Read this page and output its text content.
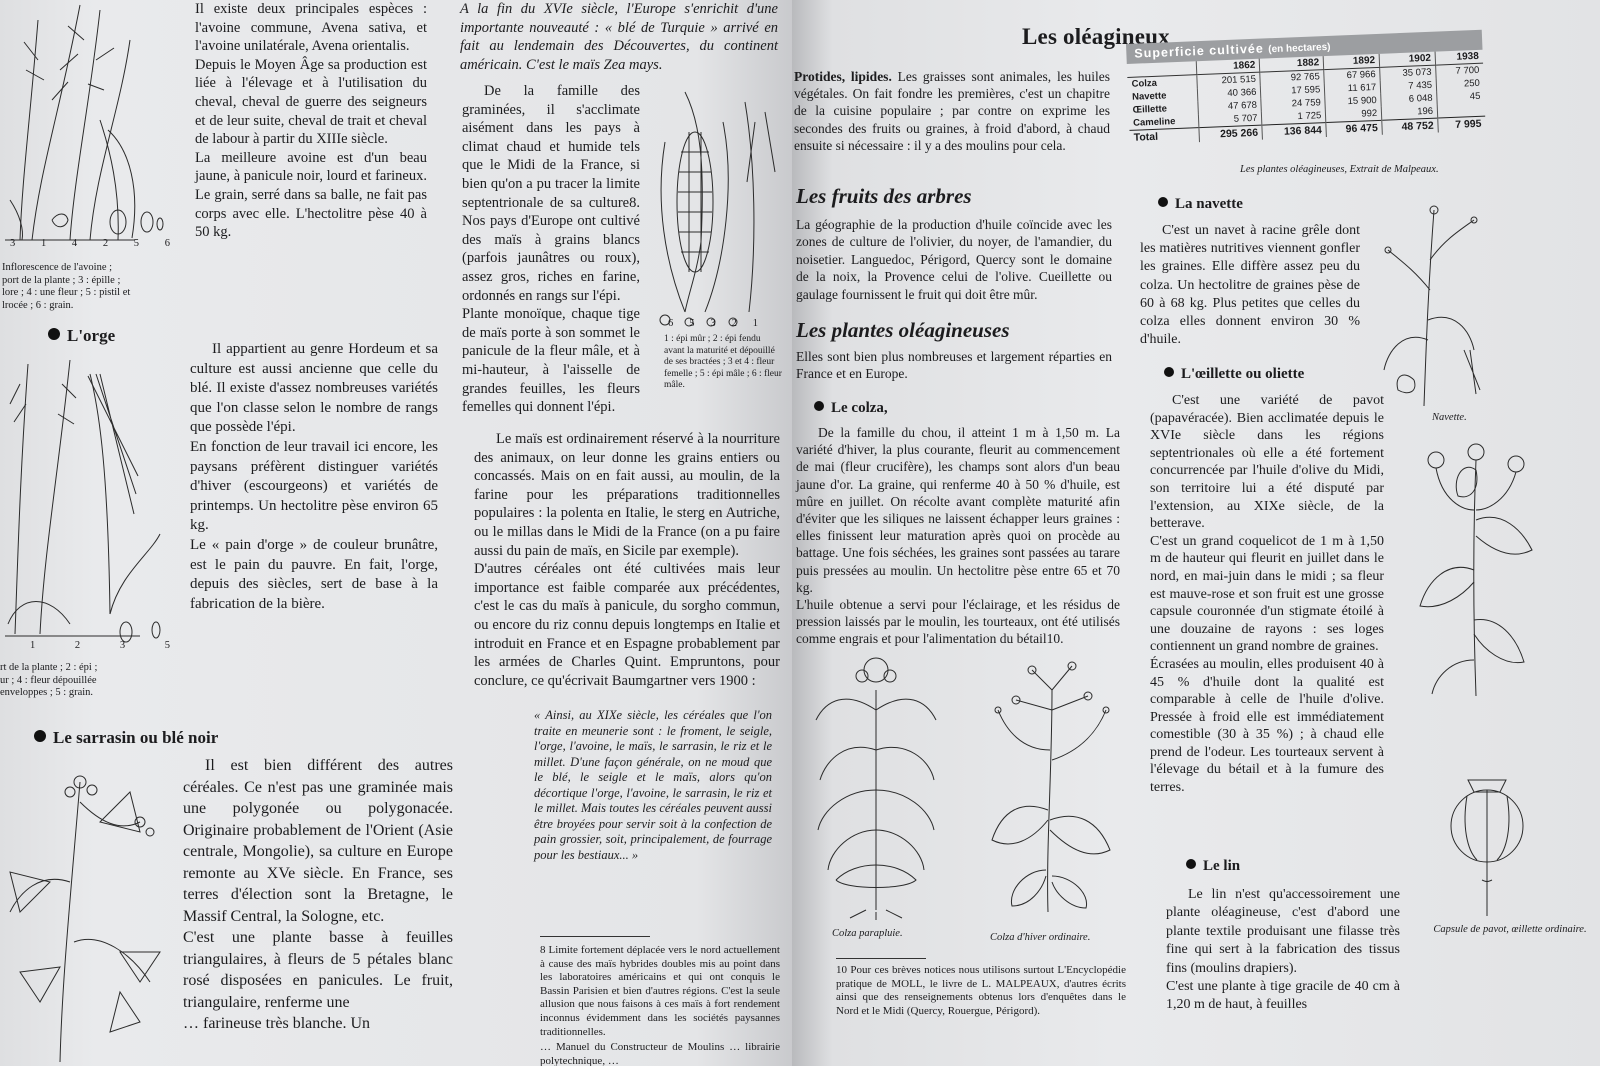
3 1 4 2 5 6
Inflorescence de l'avoine ;
port de la plante ; 3 : épille ;
lore ; 4 : une fleur ; 5 : pistil et
lrocée ; 6 : grain.

Il existe deux principales espèces : l'avoine commune, Avena sativa, et l'avoine unilatérale, Avena orientalis.

Depuis le Moyen Âge sa production est liée à l'élevage et à l'utilisation du cheval, cheval de guerre des seigneurs et de leur suite, cheval de trait et cheval de labour à partir du XIIIe siècle.

La meilleure avoine est d'un beau jaune, à panicule noir, lourd et farineux. Le grain, serré dans sa balle, ne fait pas corps avec elle. L'hectolitre pèse 40 à 50 kg.

L'orge
1	2	3	5
rt de la plante ; 2 : épi ;
ur ; 4 : fleur dépouillée
enveloppes ; 5 : grain.

Il appartient au genre Hordeum et sa culture est aussi ancienne que celle du blé. Il existe d'assez nombreuses variétés que l'on classe selon le nombre de rangs que possède l'épi.

En fonction de leur travail ici encore, les paysans préfèrent distinguer variétés d'hiver (escourgeons) et variétés de printemps. Un hectolitre pèse environ 65 kg.

Le « pain d'orge » de couleur brunâtre, est le pain du pauvre. En fait, l'orge, depuis des siècles, sert de base à la fabrication de la bière.

Le sarrasin ou blé noir

Il est bien différent des autres céréales. Ce n'est pas une graminée mais une polygonée ou polygonacée. Originaire probablement de l'Orient (Asie centrale, Mongolie), sa culture en Europe remonte au XVe siècle. En France, ses terres d'élection sont la Bretagne, le Massif Central, la Sologne, etc.

C'est une plante basse à feuilles triangulaires, à fleurs de 5 pétales blanc rosé disposées en panicules. Le fruit, triangulaire, renferme une

… farineuse très blanche. Un

A la fin du XVIe siècle, l'Europe s'enrichit d'une importante nouveauté : « blé de Turquie » arrivé en fait au lendemain des Découvertes, du continent américain. C'est le maïs Zea mays.

De la famille des graminées, il s'acclimate aisément dans les pays à climat chaud et humide tels que le Midi de la France, si bien qu'on a pu tracer la limite septentrionale de sa culture8. Nos pays d'Europe ont cultivé des maïs à grains blancs (parfois jaunâtres ou roux), assez gros, riches en farine, ordonnés en rangs sur l'épi.

Plante monoïque, chaque tige de maïs porte à son sommet le panicule de la fleur mâle, et à mi-hauteur, à l'aisselle de grandes feuilles, les fleurs femelles qui donnent l'épi.

6 5 3 2 1
1 : épi mûr ; 2 : épi fendu
avant la maturité et dépouillé
de ses bractées ; 3 et 4 : fleur
femelle ; 5 : épi mâle ; 6 : fleur
mâle.

Le maïs est ordinairement réservé à la nourriture des animaux, on leur donne les grains entiers ou concassés. Mais on en fait aussi, au moulin, de la farine pour les préparations traditionnelles populaires : la polenta en Italie, le sterg en Autriche, ou le millas dans le Midi de la France (on a pu faire aussi du pain de maïs, en Sicile par exemple).

D'autres céréales ont été cultivées mais leur importance est faible comparée aux précédentes, c'est le cas du maïs à panicule, du sorgho commun, ou encore du riz connu depuis longtemps en Italie et introduit en France et en Espagne probablement par les armées de Charles Quint. Empruntons, pour conclure, ce qu'écrivait Baumgartner vers 1900 :

« Ainsi, au XIXe siècle, les céréales que l'on traite en meunerie sont : le froment, le seigle, l'orge, l'avoine, le maïs, le sarrasin, le riz et le millet. D'une façon générale, on ne moud que le blé, le seigle et le maïs, alors qu'on décortique l'orge, l'avoine, le sarrasin, le riz et le millet. Mais toutes les céréales peuvent aussi être broyées pour servir soit à la confection de pain grossier, soit, principalement, de fourrage pour les bestiaux... »

8 Limite fortement déplacée vers le nord actuellement à cause des maïs hybrides doubles mis au point dans les laboratoires américains et qui ont conquis le Bassin Parisien et bien d'autres régions. C'est la seule allusion que nous faisons à ces maïs à fort rendement inconnus évidemment dans les sociétés paysannes traditionnelles.

… Manuel du Constructeur de Moulins … librairie polytechnique, …

Les oléagineux

Protides, lipides. Les graisses sont animales, les huiles végétales. On fait fondre les premières, c'est un chapitre de la cuisine populaire ; par contre on exprime les secondes des fruits ou graines, à froid d'abord, à chaud ensuite si nécessaire : il y a des moulins pour cela.

Les fruits des arbres

La géographie de la production d'huile coïncide avec les zones de culture de l'olivier, du noyer, de l'amandier, du noisetier. Languedoc, Périgord, Quercy sont le domaine de la noix, la Provence celui de l'olive. Cueillette ou gaulage fournissent le fruit qui doit être mûr.

Les plantes oléagineuses

Elles sont bien plus nombreuses et largement réparties en France et en Europe.

Le colza,

De la famille du chou, il atteint 1 m à 1,50 m. La variété d'hiver, la plus courante, fleurit au commencement de mai (fleur crucifère), les champs sont alors d'un beau jaune d'or. La graine, qui renferme 40 à 50 % d'huile, est mûre en juillet. On récolte avant complète maturité afin d'éviter que les siliques ne laissent échapper leurs graines : elles finissent leur maturation après quoi on procède au battage. Une fois séchées, les graines sont passées au tarare puis pressées au moulin. Un hectolitre pèse entre 65 et 70 kg.

L'huile obtenue a servi pour l'éclairage, et les résidus de pression laissés par le moulin, les tourteaux, ont été utilisés comme engrais et pour l'alimentation du bétail10.

Colza parapluie.	Colza d'hiver ordinaire.

10 Pour ces brèves notices nous utilisons surtout L'Encyclopédie pratique de MOLL, le livre de L. MALPEAUX, d'autres écrits ainsi que des renseignements obtenus lors d'enquêtes dans le Nord et le Midi (Quercy, Rouergue, Périgord).

Superficie cultivée (en hectares)
	1862	1882	1892	1902	1938
Colza	201 515	92 765	67 966	35 073	7 700
Navette	40 366	17 595	11 617	7 435	250
Œillette	47 678	24 759	15 900	6 048	45
Cameline	5 707	1 725	992	196	
Total	295 266	136 844	96 475	48 752	7 995
Les plantes oléagineuses, Extrait de Malpeaux.
La navette

C'est un navet à racine grêle dont les matières nutritives viennent gonfler les graines. Elle diffère assez peu du colza. Un hectolitre de graines pèse de 60 à 68 kg. Plus petites que celles du colza elles donnent environ 30 % d'huile.

Navette.
L'œillette ou oliette

C'est une variété de pavot (papavéracée). Bien acclimatée depuis le XVIe siècle dans les régions septentrionales où elle a été fortement concurrencée par l'huile d'olive du Midi, son territoire lui a été disputé par l'extension, au XIXe siècle, de la betterave.

C'est un grand coquelicot de 1 m à 1,50 m de hauteur qui fleurit en juillet dans le nord, en mai-juin dans le midi ; sa fleur est mauve-rose et son fruit est une grosse capsule couronnée d'un stigmate étoilé à une douzaine de rayons : ses loges contiennent un grand nombre de graines.

Écrasées au moulin, elles produisent 40 à 45 % d'huile dont la qualité est comparable à celle de l'huile d'olive. Pressée à froid elle est immédiatement comestible (30 à 35 %) ; à chaud elle prend de l'odeur. Les tourteaux servent à l'élevage du bétail et à la fumure des terres.

Capsule de pavot, œillette ordinaire.
Le lin

Le lin n'est qu'accessoirement une plante oléagineuse, c'est d'abord une plante textile produisant une filasse très fine qui sert à la fabrication des tissus fins (moulins drapiers).

C'est une plante à tige gracile de 40 cm à 1,20 m de haut, à feuilles
